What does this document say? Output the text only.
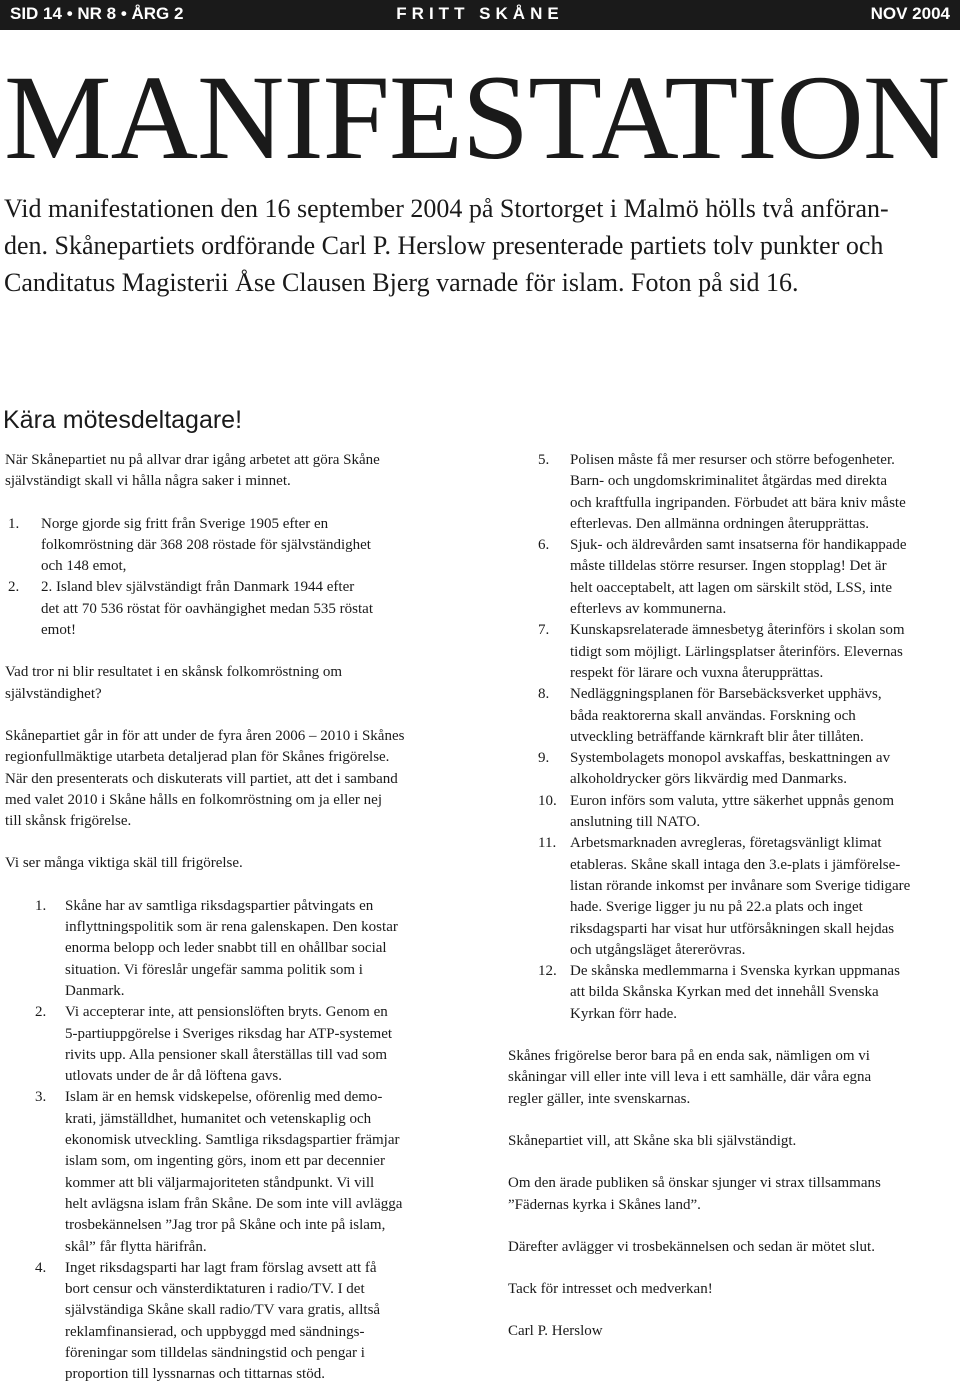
SID 14 • NR 8 • ÅRG 2	FRITT SKÅNE	NOV 2004
MANIFESTATION
Vid manifestationen den 16 september 2004 på Stortorget i Malmö hölls två anföran-
den. Skånepartiets ordförande Carl P. Herslow presenterade partiets tolv punkter och
Canditatus Magisterii Åse Clausen Bjerg varnade för islam. Foton på sid 16.
Kära mötesdeltagare!

När Skånepartiet nu på allvar drar igång arbetet att göra Skåne
självständigt skall vi hålla några saker i minnet.

1. Norge gjorde sig fritt från Sverige 1905 efter en
folkomröstning där 368 208 röstade för självständighet
och 148 emot,
2. 2. Island blev självständigt från Danmark 1944 efter
det att 70 536 röstat för oavhängighet medan 535 röstat
emot!

Vad tror ni blir resultatet i en skånsk folkomröstning om
självständighet?

Skånepartiet går in för att under de fyra åren 2006 – 2010 i Skånes
regionfullmäktige utarbeta detaljerad plan för Skånes frigörelse.
När den presenterats och diskuterats vill partiet, att det i samband
med valet 2010 i Skåne hålls en folkomröstning om ja eller nej
till skånsk frigörelse.

Vi ser många viktiga skäl till frigörelse.

1. Skåne har av samtliga riksdagspartier påtvingats en
inflyttningspolitik som är rena galenskapen. Den kostar
enorma belopp och leder snabbt till en ohållbar social
situation. Vi föreslår ungefär samma politik som i
Danmark.
2. Vi accepterar inte, att pensionslöften bryts. Genom en
5-partiuppgörelse i Sveriges riksdag har ATP-systemet
rivits upp. Alla pensioner skall återställas till vad som
utlovats under de år då löftena gavs.
3. Islam är en hemsk vidskepelse, oförenlig med demo-
krati, jämställdhet, humanitet och vetenskaplig och
ekonomisk utveckling. Samtliga riksdagspartier främjar
islam som, om ingenting görs, inom ett par decennier
kommer att bli väljarmajoriteten ståndpunkt. Vi vill
helt avlägsna islam från Skåne. De som inte vill avlägga
trosbekännelsen ”Jag tror på Skåne och inte på islam,
skål” får flytta härifrån.
4. Inget riksdagsparti har lagt fram förslag avsett att få
bort censur och vänsterdiktaturen i radio/TV. I det
självständiga Skåne skall radio/TV vara gratis, alltså
reklamfinansierad, och uppbyggd med sändnings-
föreningar som tilldelas sändningstid och pengar i
proportion till lyssnarnas och tittarnas stöd.
5. Polisen måste få mer resurser och större befogenheter.
Barn- och ungdomskriminalitet åtgärdas med direkta
och kraftfulla ingripanden. Förbudet att bära kniv måste
efterlevas. Den allmänna ordningen återupprättas.
6. Sjuk- och äldrevården samt insatserna för handikappade
måste tilldelas större resurser. Ingen stopplag! Det är
helt oacceptabelt, att lagen om särskilt stöd, LSS, inte
efterlevs av kommunerna.
7. Kunskapsrelaterade ämnesbetyg återinförs i skolan som
tidigt som möjligt. Lärlingsplatser återinförs. Elevernas
respekt för lärare och vuxna återupprättas.
8. Nedläggningsplanen för Barsebäcksverket upphävs,
båda reaktorerna skall användas. Forskning och
utveckling beträffande kärnkraft blir åter tillåten.
9. Systembolagets monopol avskaffas, beskattningen av
alkoholdrycker görs likvärdig med Danmarks.
10. Euron införs som valuta, yttre säkerhet uppnås genom
anslutning till NATO.
11. Arbetsmarknaden avregleras, företagsvänligt klimat
etableras. Skåne skall intaga den 3.e-plats i jämförelse-
listan rörande inkomst per invånare som Sverige tidigare
hade. Sverige ligger ju nu på 22.a plats och inget
riksdagsparti har visat hur utförsåkningen skall hejdas
och utgångsläget återerövras.
12. De skånska medlemmarna i Svenska kyrkan uppmanas
att bilda Skånska Kyrkan med det innehåll Svenska
Kyrkan förr hade.

Skånes frigörelse beror bara på en enda sak, nämligen om vi
skåningar vill eller inte vill leva i ett samhälle, där våra egna
regler gäller, inte svenskarnas.

Skånepartiet vill, att Skåne ska bli självständigt.

Om den ärade publiken så önskar sjunger vi strax tillsammans
”Fädernas kyrka i Skånes land”.

Därefter avlägger vi trosbekännelsen och sedan är mötet slut.

Tack för intresset och medverkan!

Carl P. Herslow
